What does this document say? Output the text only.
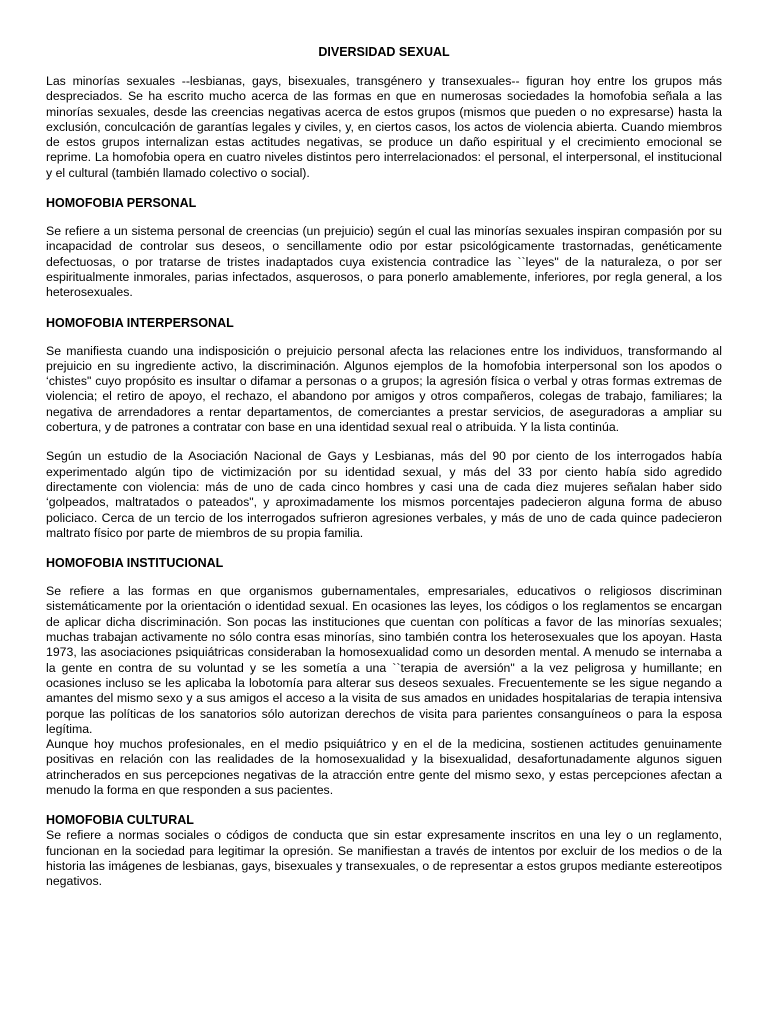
DIVERSIDAD SEXUAL

Las minorías sexuales --lesbianas, gays, bisexuales, transgénero y transexuales-- figuran hoy entre los grupos más despreciados. Se ha escrito mucho acerca de las formas en que en numerosas sociedades la homofobia señala a las minorías sexuales, desde las creencias negativas acerca de estos grupos (mismos que pueden o no expresarse) hasta la exclusión, conculcación de garantías legales y civiles, y, en ciertos casos, los actos de violencia abierta. Cuando miembros de estos grupos internalizan estas actitudes negativas, se produce un daño espiritual y el crecimiento emocional se reprime. La homofobia opera en cuatro niveles distintos pero interrelacionados: el personal, el interpersonal, el institucional y el cultural (también llamado colectivo o social).

HOMOFOBIA PERSONAL

Se refiere a un sistema personal de creencias (un prejuicio) según el cual las minorías sexuales inspiran compasión por su incapacidad de controlar sus deseos, o sencillamente odio por estar psicológicamente trastornadas, genéticamente defectuosas, o por tratarse de tristes inadaptados cuya existencia contradice las ``leyes" de la naturaleza, o por ser espiritualmente inmorales, parias infectados, asquerosos, o para ponerlo amablemente, inferiores, por regla general, a los heterosexuales.

HOMOFOBIA INTERPERSONAL

Se manifiesta cuando una indisposición o prejuicio personal afecta las relaciones entre los individuos, transformando al prejuicio en su ingrediente activo, la discriminación. Algunos ejemplos de la homofobia interpersonal son los apodos o ‘chistes" cuyo propósito es insultar o difamar a personas o a grupos; la agresión física o verbal y otras formas extremas de violencia; el retiro de apoyo, el rechazo, el abandono por amigos y otros compañeros, colegas de trabajo, familiares; la negativa de arrendadores a rentar departamentos, de comerciantes a prestar servicios, de aseguradoras a ampliar su cobertura, y de patrones a contratar con base en una identidad sexual real o atribuida. Y la lista continúa.

Según un estudio de la Asociación Nacional de Gays y Lesbianas, más del 90 por ciento de los interrogados había experimentado algún tipo de victimización por su identidad sexual, y más del 33 por ciento había sido agredido directamente con violencia: más de uno de cada cinco hombres y casi una de cada diez mujeres señalan haber sido ‘golpeados, maltratados o pateados", y aproximadamente los mismos porcentajes padecieron alguna forma de abuso policiaco. Cerca de un tercio de los interrogados sufrieron agresiones verbales, y más de uno de cada quince padecieron maltrato físico por parte de miembros de su propia familia.

HOMOFOBIA INSTITUCIONAL

Se refiere a las formas en que organismos gubernamentales, empresariales, educativos o religiosos discriminan sistemáticamente por la orientación o identidad sexual. En ocasiones las leyes, los códigos o los reglamentos se encargan de aplicar dicha discriminación. Son pocas las instituciones que cuentan con políticas a favor de las minorías sexuales; muchas trabajan activamente no sólo contra esas minorías, sino también contra los heterosexuales que los apoyan. Hasta 1973, las asociaciones psiquiátricas consideraban la homosexualidad como un desorden mental. A menudo se internaba a la gente en contra de su voluntad y se les sometía a una ``terapia de aversión" a la vez peligrosa y humillante; en ocasiones incluso se les aplicaba la lobotomía para alterar sus deseos sexuales. Frecuentemente se les sigue negando a amantes del mismo sexo y a sus amigos el acceso a la visita de sus amados en unidades hospitalarias de terapia intensiva porque las políticas de los sanatorios sólo autorizan derechos de visita para parientes consanguíneos o para la esposa legítima.

Aunque hoy muchos profesionales, en el medio psiquiátrico y en el de la medicina, sostienen actitudes genuinamente positivas en relación con las realidades de la homosexualidad y la bisexualidad, desafortunadamente algunos siguen atrincherados en sus percepciones negativas de la atracción entre gente del mismo sexo, y estas percepciones afectan a menudo la forma en que responden a sus pacientes.

HOMOFOBIA CULTURAL

Se refiere a normas sociales o códigos de conducta que sin estar expresamente inscritos en una ley o un reglamento, funcionan en la sociedad para legitimar la opresión. Se manifiestan a través de intentos por excluir de los medios o de la historia las imágenes de lesbianas, gays, bisexuales y transexuales, o de representar a estos grupos mediante estereotipos negativos.
